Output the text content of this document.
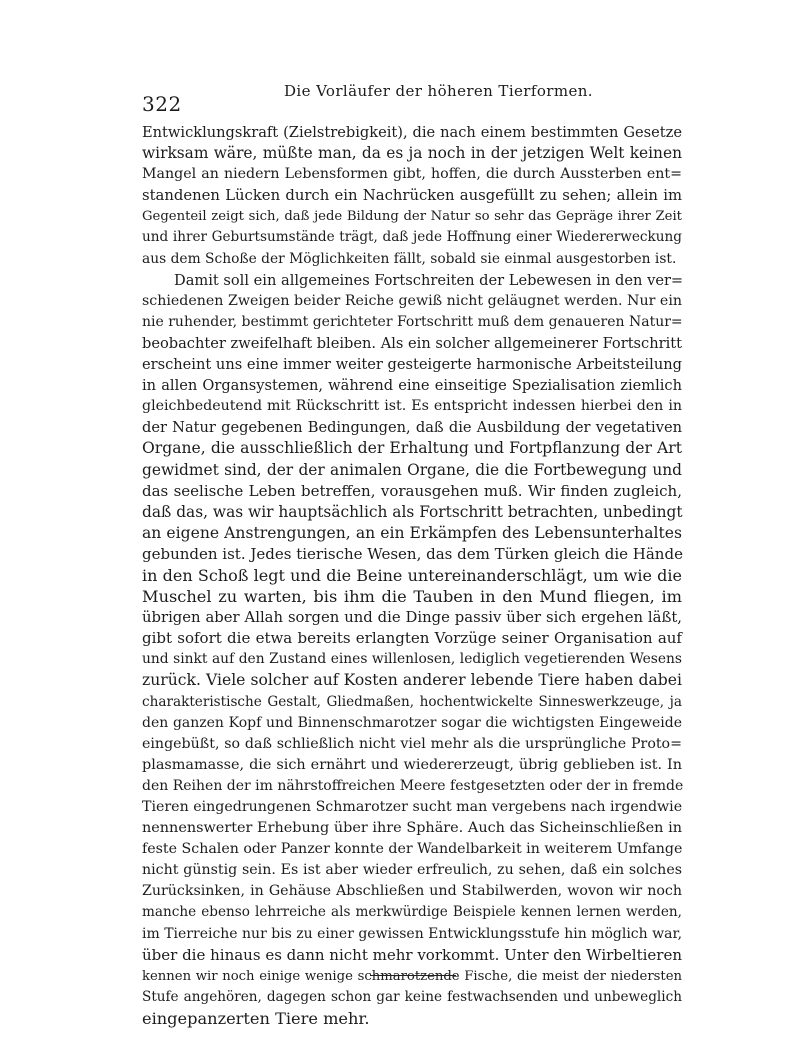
322
Die Vorläufer der höheren Tierformen.
Entwicklungskraft (Zielstrebigkeit), die nach einem bestimmten Gesetze
wirksam wäre, müßte man, da es ja noch in der jetzigen Welt keinen
Mangel an niedern Lebensformen gibt, hoffen, die durch Aussterben ent=
standenen Lücken durch ein Nachrücken ausgefüllt zu sehen; allein im
Gegenteil zeigt sich, daß jede Bildung der Natur so sehr das Gepräge ihrer Zeit
und ihrer Geburtsumstände trägt, daß jede Hoffnung einer Wiedererweckung
aus dem Schoße der Möglichkeiten fällt, sobald sie einmal ausgestorben ist.
Damit soll ein allgemeines Fortschreiten der Lebewesen in den ver=
schiedenen Zweigen beider Reiche gewiß nicht geläugnet werden. Nur ein
nie ruhender, bestimmt gerichteter Fortschritt muß dem genaueren Natur=
beobachter zweifelhaft bleiben. Als ein solcher allgemeinerer Fortschritt
erscheint uns eine immer weiter gesteigerte harmonische Arbeitsteilung
in allen Organsystemen, während eine einseitige Spezialisation ziemlich
gleichbedeutend mit Rückschritt ist. Es entspricht indessen hierbei den in
der Natur gegebenen Bedingungen, daß die Ausbildung der vegetativen
Organe, die ausschließlich der Erhaltung und Fortpflanzung der Art
gewidmet sind, der der animalen Organe, die die Fortbewegung und
das seelische Leben betreffen, vorausgehen muß. Wir finden zugleich,
daß das, was wir hauptsächlich als Fortschritt betrachten, unbedingt
an eigene Anstrengungen, an ein Erkämpfen des Lebensunterhaltes
gebunden ist. Jedes tierische Wesen, das dem Türken gleich die Hände
in den Schoß legt und die Beine untereinanderschlägt, um wie die
Muschel zu warten, bis ihm die Tauben in den Mund fliegen, im
übrigen aber Allah sorgen und die Dinge passiv über sich ergehen läßt,
gibt sofort die etwa bereits erlangten Vorzüge seiner Organisation auf
und sinkt auf den Zustand eines willenlosen, lediglich vegetierenden Wesens
zurück. Viele solcher auf Kosten anderer lebende Tiere haben dabei
charakteristische Gestalt, Gliedmaßen, hochentwickelte Sinneswerkzeuge, ja
den ganzen Kopf und Binnenschmarotzer sogar die wichtigsten Eingeweide
eingebüßt, so daß schließlich nicht viel mehr als die ursprüngliche Proto=
plasmamasse, die sich ernährt und wiedererzeugt, übrig geblieben ist. In
den Reihen der im nährstoffreichen Meere festgesetzten oder der in fremde
Tieren eingedrungenen Schmarotzer sucht man vergebens nach irgendwie
nennenswerter Erhebung über ihre Sphäre. Auch das Sicheinschließen in
feste Schalen oder Panzer konnte der Wandelbarkeit in weiterem Umfange
nicht günstig sein. Es ist aber wieder erfreulich, zu sehen, daß ein solches
Zurücksinken, in Gehäuse Abschließen und Stabilwerden, wovon wir noch
manche ebenso lehrreiche als merkwürdige Beispiele kennen lernen werden,
im Tierreiche nur bis zu einer gewissen Entwicklungsstufe hin möglich war,
über die hinaus es dann nicht mehr vorkommt. Unter den Wirbeltieren
kennen wir noch einige wenige schmarotzende Fische, die meist der niedersten
Stufe angehören, dagegen schon gar keine festwachsenden und unbeweglich
eingepanzerten Tiere mehr.
